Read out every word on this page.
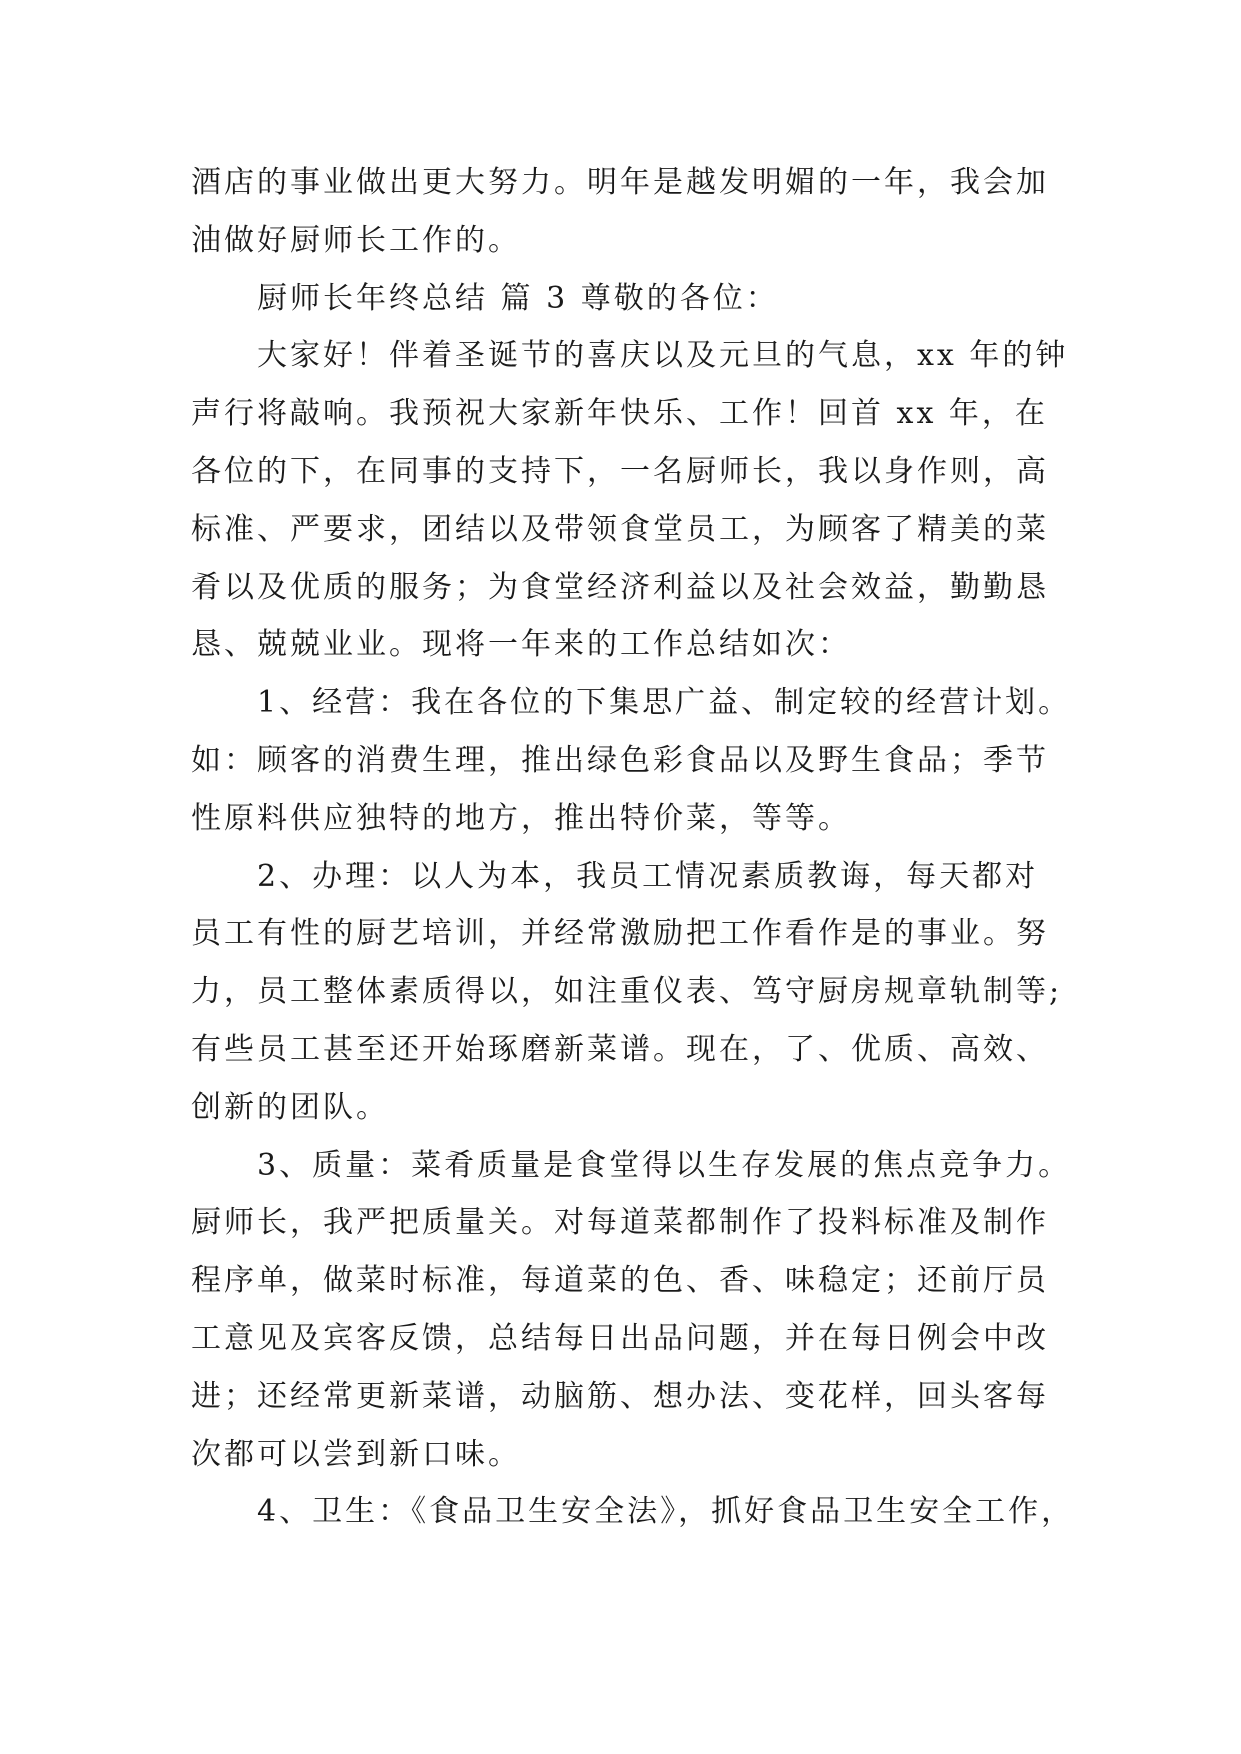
酒店的事业做出更大努力。明年是越发明媚的一年，我会加
油做好厨师长工作的。
厨师长年终总结 篇 3 尊敬的各位：
大家好！伴着圣诞节的喜庆以及元旦的气息，xx 年的钟
声行将敲响。我预祝大家新年快乐、工作！回首 xx 年，在
各位的下，在同事的支持下，一名厨师长，我以身作则，高
标准、严要求，团结以及带领食堂员工，为顾客了精美的菜
肴以及优质的服务；为食堂经济利益以及社会效益，勤勤恳
恳、兢兢业业。现将一年来的工作总结如次：
1、经营：我在各位的下集思广益、制定较的经营计划。
如：顾客的消费生理，推出绿色彩食品以及野生食品；季节
性原料供应独特的地方，推出特价菜，等等。
2、办理：以人为本，我员工情况素质教诲，每天都对
员工有性的厨艺培训，并经常激励把工作看作是的事业。努
力，员工整体素质得以，如注重仪表、笃守厨房规章轨制等;
有些员工甚至还开始琢磨新菜谱。现在，了、优质、高效、
创新的团队。
3、质量：菜肴质量是食堂得以生存发展的焦点竞争力。
厨师长，我严把质量关。对每道菜都制作了投料标准及制作
程序单，做菜时标准，每道菜的色、香、味稳定；还前厅员
工意见及宾客反馈，总结每日出品问题，并在每日例会中改
进；还经常更新菜谱，动脑筋、想办法、变花样，回头客每
次都可以尝到新口味。
4、卫生：《食品卫生安全法》，抓好食品卫生安全工作，
